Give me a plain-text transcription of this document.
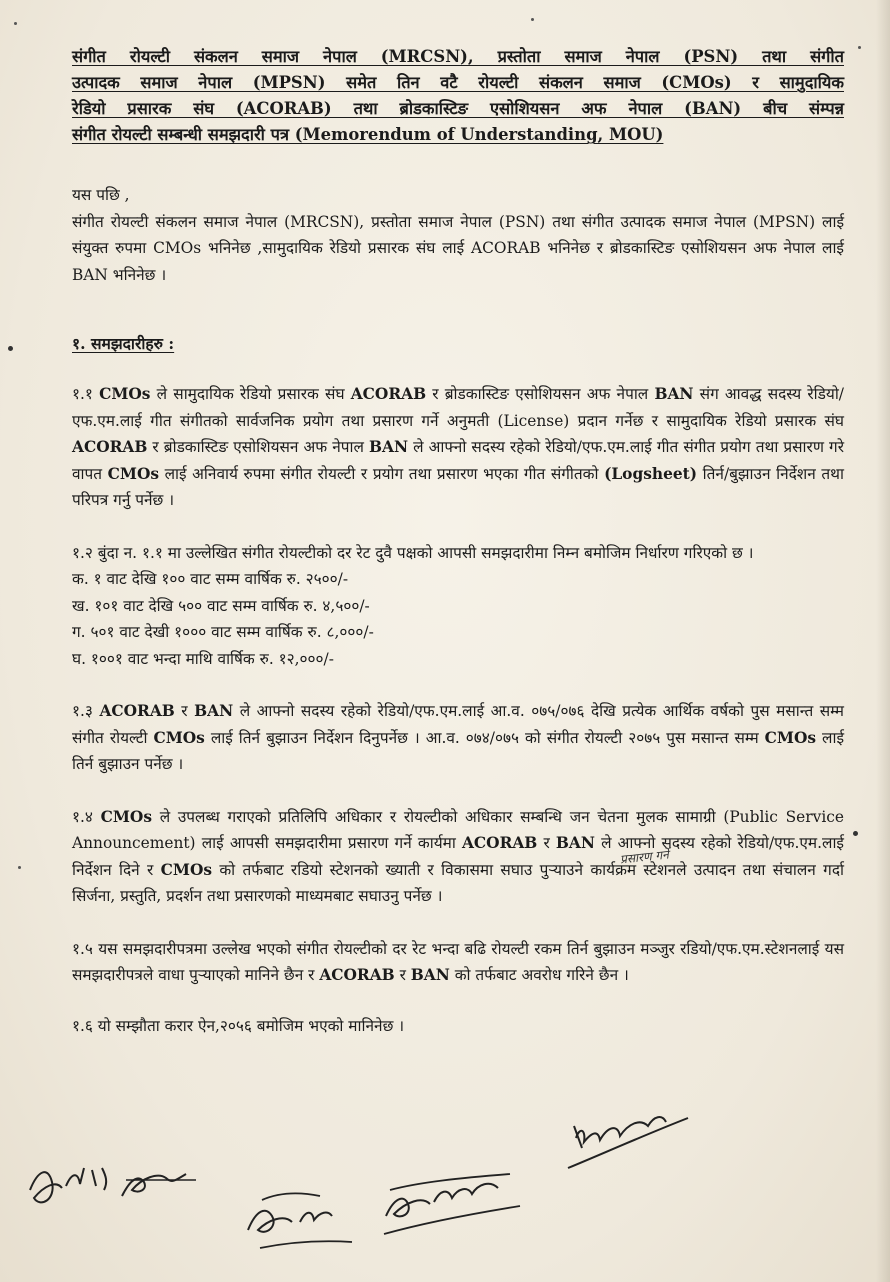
संगीत रोयल्टी संकलन समाज नेपाल (MRCSN), प्रस्तोता समाज नेपाल (PSN) तथा संगीत
उत्पादक समाज नेपाल (MPSN) समेत तिन वटै रोयल्टी संकलन समाज (CMOs) र सामुदायिक
रेडियो प्रसारक संघ (ACORAB) तथा ब्रोडकास्टिङ एसोशियसन अफ नेपाल (BAN) बीच संम्पन्न
संगीत रोयल्टी सम्बन्धी समझदारी पत्र (Memorendum of Understanding, MOU)
यस पछि ,

संगीत रोयल्टी संकलन समाज नेपाल (MRCSN), प्रस्तोता समाज नेपाल (PSN) तथा संगीत उत्पादक समाज नेपाल (MPSN) लाई संयुक्त रुपमा CMOs भनिनेछ ,सामुदायिक रेडियो प्रसारक संघ लाई ACORAB भनिनेछ र ब्रोडकास्टिङ एसोशियसन अफ नेपाल लाई BAN भनिनेछ ।

१. समझदारीहरु :

१.१ CMOs ले सामुदायिक रेडियो प्रसारक संघ ACORAB र ब्रोडकास्टिङ एसोशियसन अफ नेपाल BAN संग आवद्ध सदस्य रेडियो/एफ.एम.लाई गीत संगीतको सार्वजनिक प्रयोग तथा प्रसारण गर्ने अनुमती (License) प्रदान गर्नेछ र सामुदायिक रेडियो प्रसारक संघ ACORAB र ब्रोडकास्टिङ एसोशियसन अफ नेपाल BAN ले आफ्नो सदस्य रहेको रेडियो/एफ.एम.लाई गीत संगीत प्रयोग तथा प्रसारण गरे वापत CMOs लाई अनिवार्य रुपमा संगीत रोयल्टी र प्रयोग तथा प्रसारण भएका गीत संगीतको (Logsheet) तिर्न/बुझाउन निर्देशन तथा परिपत्र गर्नु पर्नेछ ।

१.२ बुंदा न. १.१ मा उल्लेखित संगीत रोयल्टीको दर रेट दुवै पक्षको आपसी समझदारीमा निम्न बमोजिम निर्धारण गरिएको छ ।

क. १ वाट देखि १०० वाट सम्म वार्षिक रु. २५००/-
ख. १०१ वाट देखि ५०० वाट सम्म वार्षिक रु. ४,५००/-
ग. ५०१ वाट देखी १००० वाट सम्म वार्षिक रु. ८,०००/-
घ. १००१ वाट भन्दा माथि वार्षिक रु. १२,०००/-

१.३ ACORAB र BAN ले आफ्नो सदस्य रहेको रेडियो/एफ.एम.लाई आ.व. ०७५/०७६ देखि प्रत्येक आर्थिक वर्षको पुस मसान्त सम्म संगीत रोयल्टी CMOs लाई तिर्न बुझाउन निर्देशन दिनुपर्नेछ । आ.व. ०७४/०७५ को संगीत रोयल्टी २०७५ पुस मसान्त सम्म CMOs लाई तिर्न बुझाउन पर्नेछ ।

१.४ CMOs ले उपलब्ध गराएको प्रतिलिपि अधिकार र रोयल्टीको अधिकार सम्बन्धि जन चेतना मुलक सामाग्री (Public Service Announcement) लाई आपसी समझदारीमा प्रसारण गर्ने कार्यमा ACORAB र BAN ले आफ्नो सदस्य रहेको रेडियो/एफ.एम.लाई निर्देशन दिने र CMOs को तर्फबाट रडियो स्टेशनको ख्याती र विकासमा सघाउ पुऱ्याउने कार्यक्रम स्टेशनले उत्पादन तथा संचालन गर्दा सिर्जना, प्रस्तुति, प्रदर्शन तथा प्रसारणको माध्यमबाट सघाउनु पर्नेछ ।
प्रसारण गर्ने

१.५ यस समझदारीपत्रमा उल्लेख भएको संगीत रोयल्टीको दर रेट भन्दा बढि रोयल्टी रकम तिर्न बुझाउन मञ्जुर रडियो/एफ.एम.स्टेशनलाई यस समझदारीपत्रले वाधा पुऱ्याएको मानिने छैन र ACORAB र BAN को तर्फबाट अवरोध गरिने छैन ।

१.६ यो सम्झौता करार ऐन,२०५६ बमोजिम भएको मानिनेछ ।
